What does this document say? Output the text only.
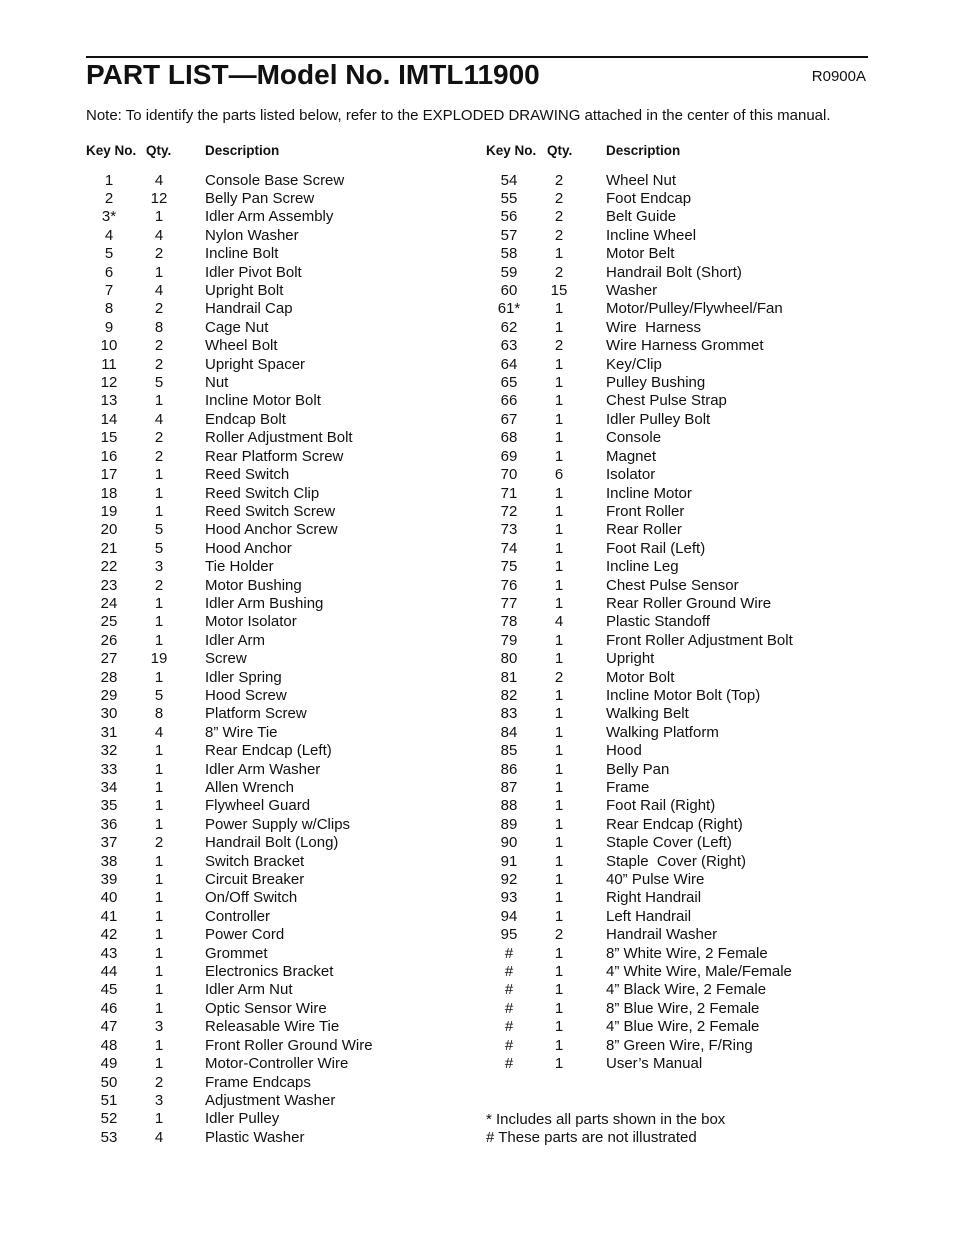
PART LIST—Model No. IMTL11900	R0900A
Note: To identify the parts listed below, refer to the EXPLODED DRAWING attached in the center of this manual.
Key No. Qty. Description	Key No. Qty. Description
1	4	Console Base Screw
2	12	Belly Pan Screw
3*	1	Idler Arm Assembly
4	4	Nylon Washer
5	2	Incline Bolt
6	1	Idler Pivot Bolt
7	4	Upright Bolt
8	2	Handrail Cap
9	8	Cage Nut
10	2	Wheel Bolt
11	2	Upright Spacer
12	5	Nut
13	1	Incline Motor Bolt
14	4	Endcap Bolt
15	2	Roller Adjustment Bolt
16	2	Rear Platform Screw
17	1	Reed Switch
18	1	Reed Switch Clip
19	1	Reed Switch Screw
20	5	Hood Anchor Screw
21	5	Hood Anchor
22	3	Tie Holder
23	2	Motor Bushing
24	1	Idler Arm Bushing
25	1	Motor Isolator
26	1	Idler Arm
27	19	Screw
28	1	Idler Spring
29	5	Hood Screw
30	8	Platform Screw
31	4	8” Wire Tie
32	1	Rear Endcap (Left)
33	1	Idler Arm Washer
34	1	Allen Wrench
35	1	Flywheel Guard
36	1	Power Supply w/Clips
37	2	Handrail Bolt (Long)
38	1	Switch Bracket
39	1	Circuit Breaker
40	1	On/Off Switch
41	1	Controller
42	1	Power Cord
43	1	Grommet
44	1	Electronics Bracket
45	1	Idler Arm Nut
46	1	Optic Sensor Wire
47	3	Releasable Wire Tie
48	1	Front Roller Ground Wire
49	1	Motor-Controller Wire
50	2	Frame Endcaps
51	3	Adjustment Washer
52	1	Idler Pulley
53	4	Plastic Washer
54	2	Wheel Nut
55	2	Foot Endcap
56	2	Belt Guide
57	2	Incline Wheel
58	1	Motor Belt
59	2	Handrail Bolt (Short)
60	15	Washer
61*	1	Motor/Pulley/Flywheel/Fan
62	1	Wire  Harness
63	2	Wire Harness Grommet
64	1	Key/Clip
65	1	Pulley Bushing
66	1	Chest Pulse Strap
67	1	Idler Pulley Bolt
68	1	Console
69	1	Magnet
70	6	Isolator
71	1	Incline Motor
72	1	Front Roller
73	1	Rear Roller
74	1	Foot Rail (Left)
75	1	Incline Leg
76	1	Chest Pulse Sensor
77	1	Rear Roller Ground Wire
78	4	Plastic Standoff
79	1	Front Roller Adjustment Bolt
80	1	Upright
81	2	Motor Bolt
82	1	Incline Motor Bolt (Top)
83	1	Walking Belt
84	1	Walking Platform
85	1	Hood
86	1	Belly Pan
87	1	Frame
88	1	Foot Rail (Right)
89	1	Rear Endcap (Right)
90	1	Staple Cover (Left)
91	1	Staple  Cover (Right)
92	1	40” Pulse Wire
93	1	Right Handrail
94	1	Left Handrail
95	2	Handrail Washer
#	1	8” White Wire, 2 Female
#	1	4” White Wire, Male/Female
#	1	4” Black Wire, 2 Female
#	1	8” Blue Wire, 2 Female
#	1	4” Blue Wire, 2 Female
#	1	8” Green Wire, F/Ring
#	1	User’s Manual
* Includes all parts shown in the box
# These parts are not illustrated
